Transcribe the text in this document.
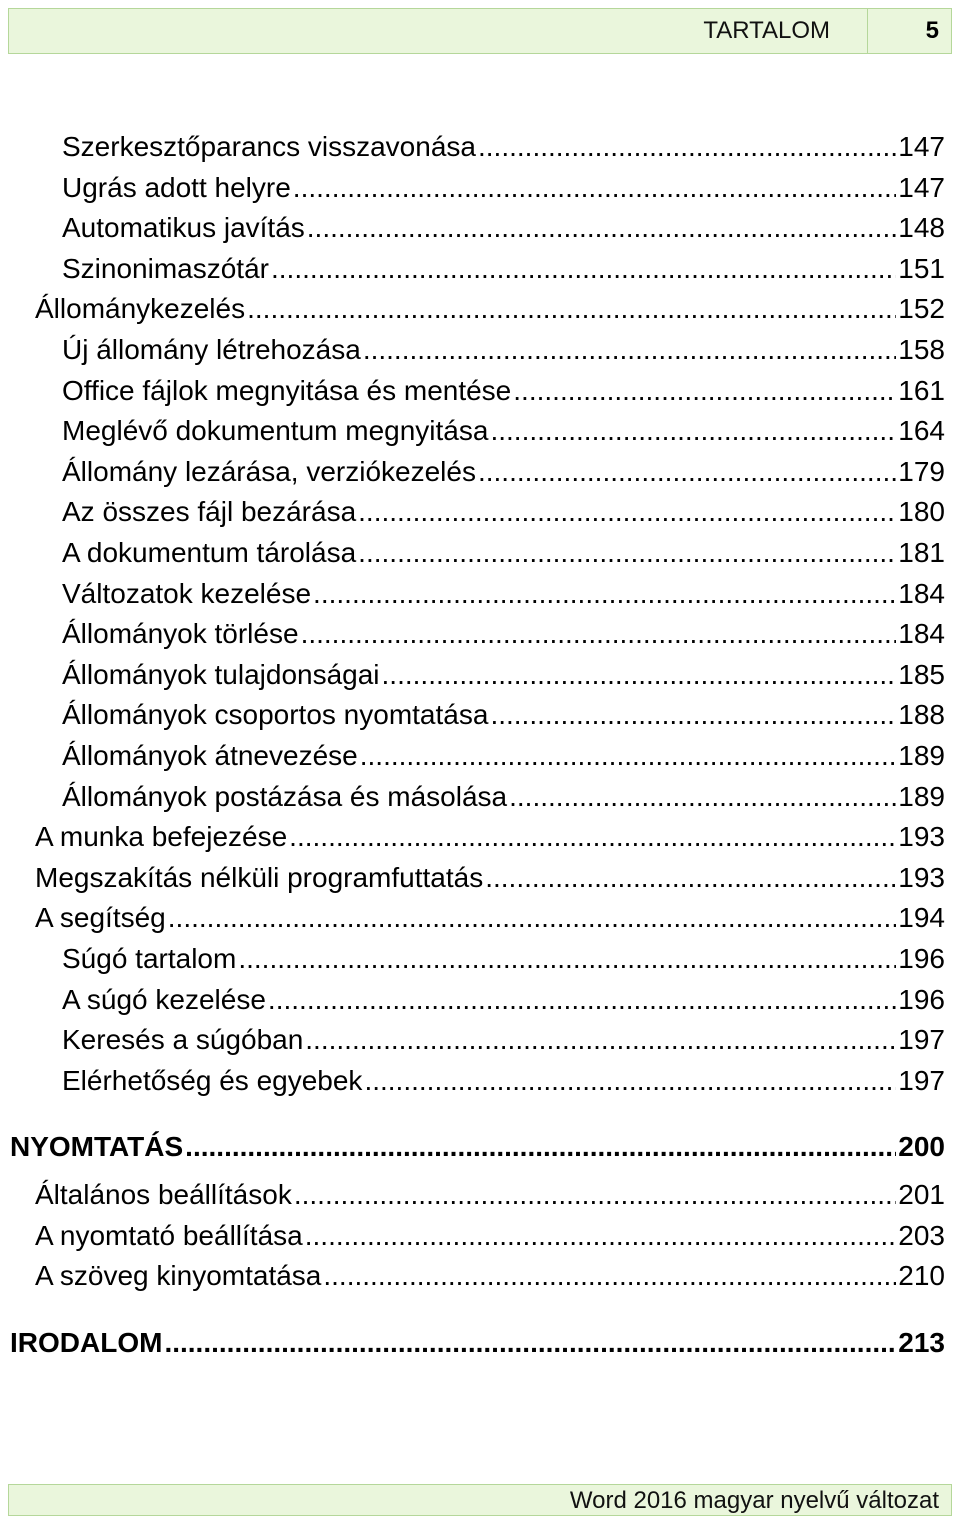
TARTALOM	5
Szerkesztőparancs visszavonása .....	147
Ugrás adott helyre .....	147
Automatikus javítás .....	148
Szinonimaszótár .....	151
Állománykezelés .....	152
Új állomány létrehozása .....	158
Office fájlok megnyitása és mentése .....	161
Meglévő dokumentum megnyitása .....	164
Állomány lezárása, verziókezelés .....	179
Az összes fájl bezárása .....	180
A dokumentum tárolása .....	181
Változatok kezelése .....	184
Állományok törlése .....	184
Állományok tulajdonságai .....	185
Állományok csoportos nyomtatása .....	188
Állományok átnevezése .....	189
Állományok postázása és másolása .....	189
A munka befejezése .....	193
Megszakítás nélküli programfuttatás .....	193
A segítség .....	194
Súgó tartalom .....	196
A súgó kezelése .....	196
Keresés a súgóban .....	197
Elérhetőség és egyebek .....	197
NYOMTATÁS .....	200
Általános beállítások .....	201
A nyomtató beállítása .....	203
A szöveg kinyomtatása .....	210
IRODALOM .....	213
Word 2016 magyar nyelvű változat
